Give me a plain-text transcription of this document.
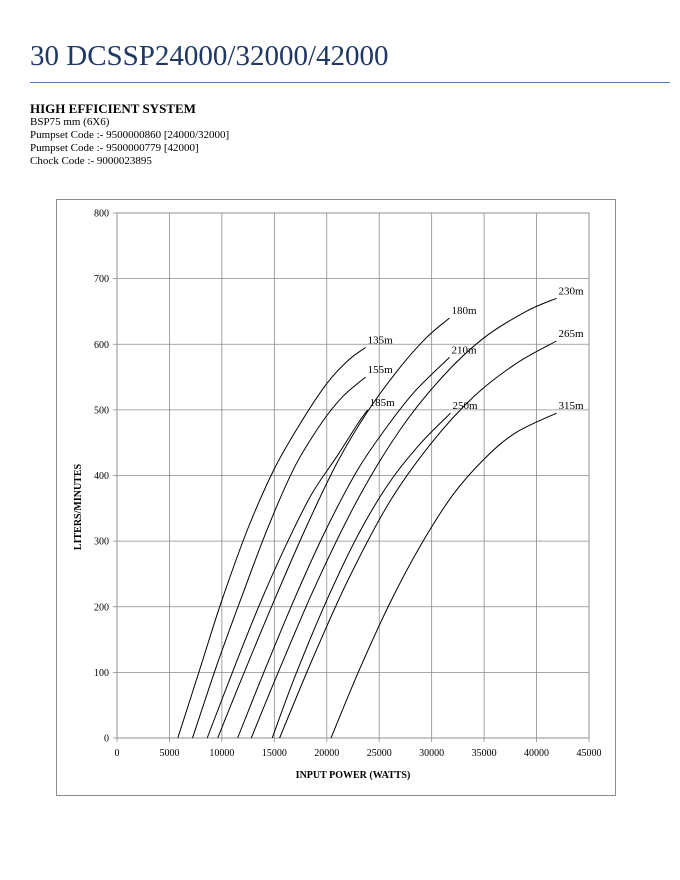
30 DCSSP24000/32000/42000
HIGH EFFICIENT SYSTEM
BSP75 mm (6X6)
Pumpset Code :- 9500000860 [24000/32000]
Pumpset Code :- 9500000779 [42000]
Chock Code :- 9000023895
0	5000	10000	15000	20000	25000	30000	35000	40000	45000
0
100
200
300
400
500
600
700
800
135m
155m
185m
180m
210m
230m
250m
265m
315m
INPUT POWER (WATTS)
LITERS/MINUTES
